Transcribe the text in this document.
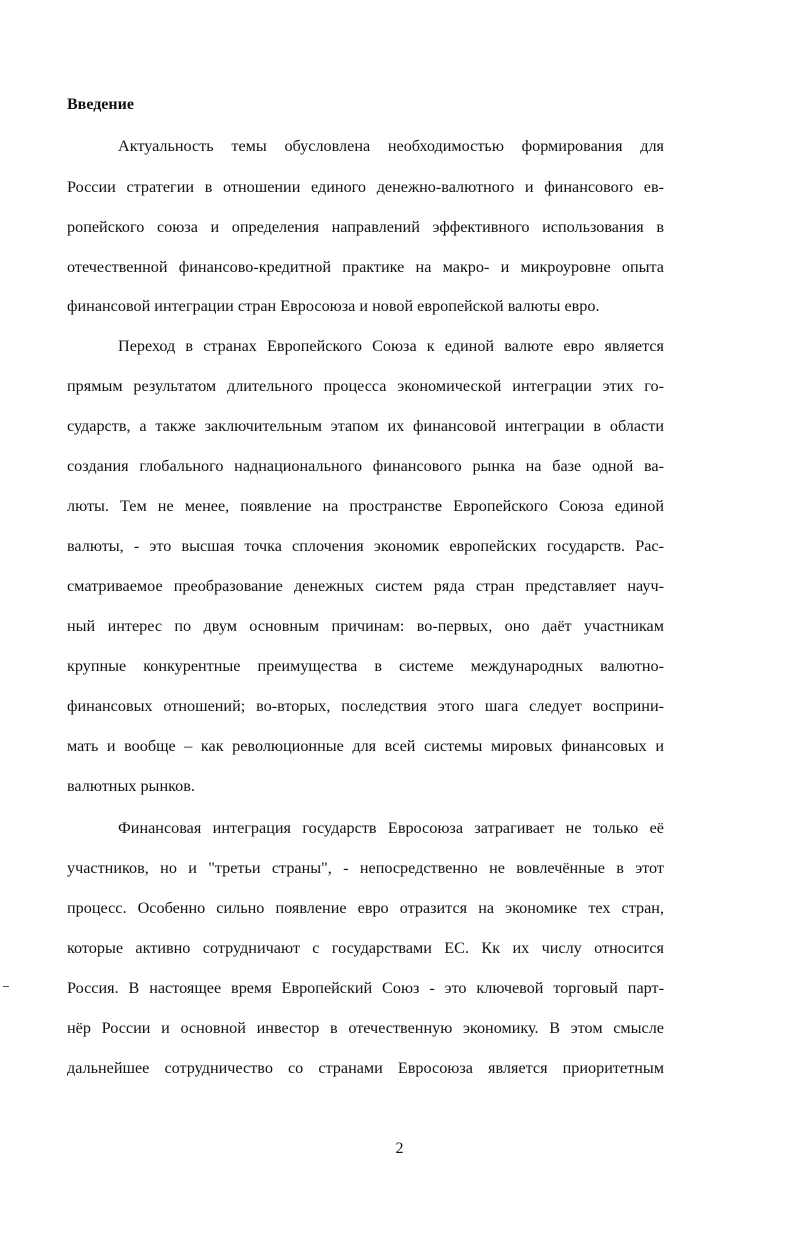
Введение
Актуальность темы обусловлена необходимостью формирования для
России стратегии в отношении единого денежно-валютного и финансового ев-
ропейского союза и определения направлений эффективного использования в
отечественной финансово-кредитной практике на макро- и микроуровне опыта
финансовой интеграции стран Евросоюза и новой европейской валюты евро.
Переход в странах Европейского Союза к единой валюте евро является
прямым результатом длительного процесса экономической интеграции этих го-
сударств, а также заключительным этапом их финансовой интеграции в области
создания глобального наднационального финансового рынка на базе одной ва-
люты. Тем не менее, появление на пространстве Европейского Союза единой
валюты, - это высшая точка сплочения экономик европейских государств. Рас-
сматриваемое преобразование денежных систем ряда стран представляет науч-
ный интерес по двум основным причинам: во-первых, оно даёт участникам
крупные конкурентные преимущества в системе международных валютно-
финансовых отношений; во-вторых, последствия этого шага следует восприни-
мать и вообще – как революционные для всей системы мировых финансовых и
валютных рынков.
Финансовая интеграция государств Евросоюза затрагивает не только её
участников, но и "третьи страны", - непосредственно не вовлечённые в этот
процесс. Особенно сильно появление евро отразится на экономике тех стран,
которые активно сотрудничают с государствами ЕС. Кк их числу относится
Россия. В настоящее время Европейский Союз - это ключевой торговый парт-
нёр России и основной инвестор в отечественную экономику. В этом смысле
дальнейшее сотрудничество со странами Евросоюза является приоритетным
2
